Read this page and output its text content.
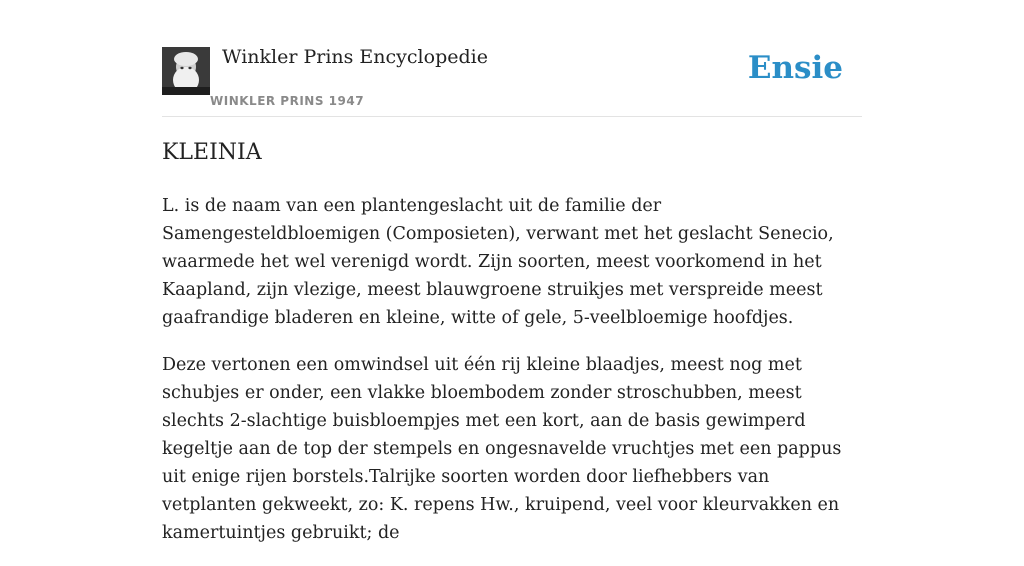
Winkler Prins Encyclopedie
WINKLER PRINS 1947
Ensie
KLEINIA

L. is de naam van een plantengeslacht uit de familie der Samengesteldbloemigen (Composieten), verwant met het geslacht Senecio, waarmede het wel verenigd wordt. Zijn soorten, meest voorkomend in het Kaapland, zijn vlezige, meest blauwgroene struikjes met verspreide meest gaafrandige bladeren en kleine, witte of gele, 5-veelbloemige hoofdjes.

Deze vertonen een omwindsel uit één rij kleine blaadjes, meest nog met schubjes er onder, een vlakke bloembodem zonder stroschubben, meest slechts 2-slachtige buisbloempjes met een kort, aan de basis gewimperd kegeltje aan de top der stempels en ongesnavelde vruchtjes met een pappus uit enige rijen borstels.Talrijke soorten worden door liefhebbers van vetplanten gekweekt, zo: K. repens Hw., kruipend, veel voor kleurvakken en kamertuintjes gebruikt; de
